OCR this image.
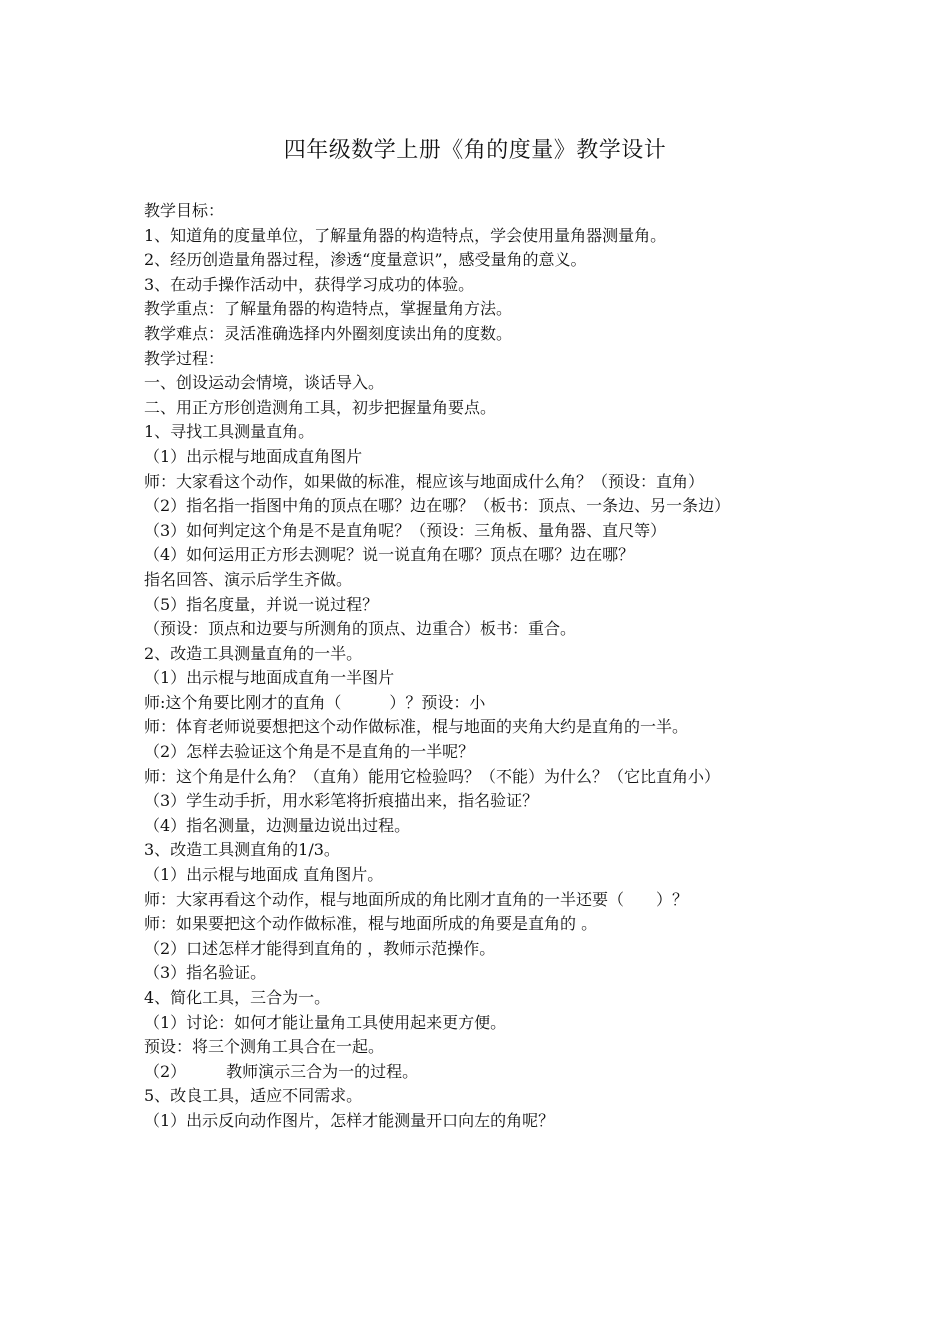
四年级数学上册《角的度量》教学设计

教学目标：

1、知道角的度量单位，了解量角器的构造特点，学会使用量角器测量角。

2、经历创造量角器过程，渗透“度量意识”，感受量角的意义。

3、在动手操作活动中，获得学习成功的体验。

教学重点：了解量角器的构造特点，掌握量角方法。

教学难点：灵活准确选择内外圈刻度读出角的度数。

教学过程：

一、创设运动会情境，谈话导入。

二、用正方形创造测角工具，初步把握量角要点。

1、寻找工具测量直角。

（1）出示棍与地面成直角图片

师：大家看这个动作，如果做的标准，棍应该与地面成什么角？（预设：直角）

（2）指名指一指图中角的顶点在哪？边在哪？（板书：顶点、一条边、另一条边）

（3）如何判定这个角是不是直角呢？（预设：三角板、量角器、直尺等）

（4）如何运用正方形去测呢？说一说直角在哪？顶点在哪？边在哪？

指名回答、演示后学生齐做。

（5）指名度量，并说一说过程？

（预设：顶点和边要与所测角的顶点、边重合）板书：重合。

2、改造工具测量直角的一半。

（1）出示棍与地面成直角一半图片

师:这个角要比刚才的直角（　　　）？预设：小

师：体育老师说要想把这个动作做标准，棍与地面的夹角大约是直角的一半。

（2）怎样去验证这个角是不是直角的一半呢？

师：这个角是什么角？（直角）能用它检验吗？（不能）为什么？（它比直角小）

（3）学生动手折，用水彩笔将折痕描出来，指名验证？

（4）指名测量，边测量边说出过程。

3、改造工具测直角的1/3。

（1）出示棍与地面成 直角图片。

师：大家再看这个动作，棍与地面所成的角比刚才直角的一半还要（　　）？

师：如果要把这个动作做标准，棍与地面所成的角要是直角的 。

（2）口述怎样才能得到直角的 ，教师示范操作。

（3）指名验证。

4、简化工具，三合为一。

（1）讨论：如何才能让量角工具使用起来更方便。

预设：将三个测角工具合在一起。

（2）　　　教师演示三合为一的过程。

5、改良工具，适应不同需求。

（1）出示反向动作图片，怎样才能测量开口向左的角呢？
